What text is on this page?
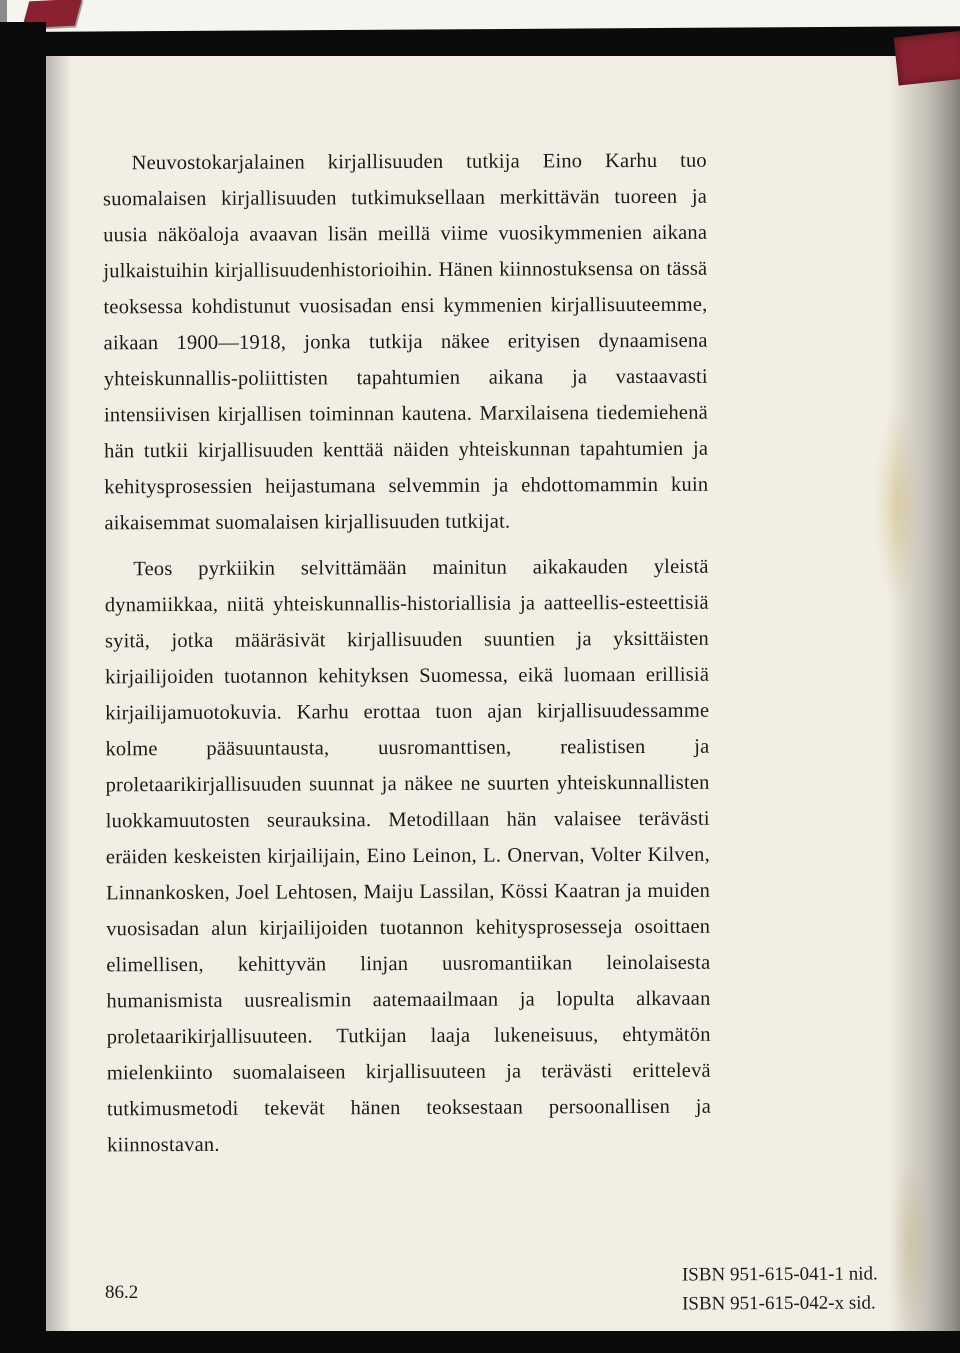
Neuvostokarjalainen kirjallisuuden tutkija Eino Karhu tuo suomalaisen kirjallisuuden tutkimuksellaan merkittävän tuoreen ja uusia näköaloja avaavan lisän meillä viime vuosikymmenien aikana julkaistuihin kirjallisuudenhistorioihin. Hänen kiinnostuksensa on tässä teoksessa kohdistunut vuosisadan ensi kymmenien kirjallisuuteemme, aikaan 1900—1918, jonka tutkija näkee erityisen dynaamisena yhteiskunnallis-poliittisten tapahtumien aikana ja vastaavasti intensiivisen kirjallisen toiminnan kautena. Marxilaisena tiedemiehenä hän tutkii kirjallisuuden kenttää näiden yhteiskunnan tapahtumien ja kehitysprosessien heijastumana selvemmin ja ehdottomammin kuin aikaisemmat suomalaisen kirjallisuuden tutkijat.

Teos pyrkiikin selvittämään mainitun aikakauden yleistä dynamiikkaa, niitä yhteiskunnallis-historiallisia ja aatteellis-esteettisiä syitä, jotka määräsivät kirjallisuuden suuntien ja yksittäisten kirjailijoiden tuotannon kehityksen Suomessa, eikä luomaan erillisiä kirjailijamuotokuvia. Karhu erottaa tuon ajan kirjallisuudessamme kolme pääsuuntausta, uusromanttisen, realistisen ja proletaarikirjallisuuden suunnat ja näkee ne suurten yhteiskunnallisten luokkamuutosten seurauksina. Metodillaan hän valaisee terävästi eräiden keskeisten kirjailijain, Eino Leinon, L. Onervan, Volter Kilven, Linnankosken, Joel Lehtosen, Maiju Lassilan, Kössi Kaatran ja muiden vuosisadan alun kirjailijoiden tuotannon kehitysprosesseja osoittaen elimellisen, kehittyvän linjan uusromantiikan leinolaisesta humanismista uusrealismin aatemaailmaan ja lopulta alkavaan proletaarikirjallisuuteen. Tutkijan laaja lukeneisuus, ehtymätön mielenkiinto suomalaiseen kirjallisuuteen ja terävästi erittelevä tutkimusmetodi tekevät hänen teoksestaan persoonallisen ja kiinnostavan.

86.2
ISBN 951-615-041-1 nid.
ISBN 951-615-042-x sid.
